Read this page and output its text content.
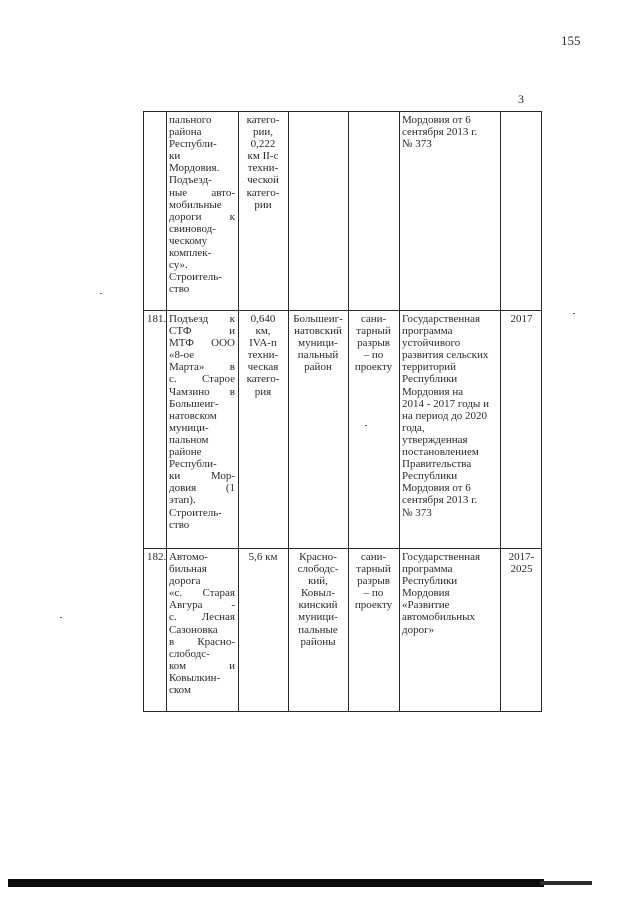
155
3
пального
района
Республи-
ки
Мордовия.
Подъезд-
ные авто-
мобильные
дороги к
свиновод-
ческому
комплек-
су».
Строитель-
ство
катего-
рии,
0,222
км II-с
техни-
ческой
катего-
рии
Мордовия от 6
сентября 2013 г.
№ 373
181. Подъезд к
СТФ и
МТФ ООО
«8-ое
Марта» в
с. Старое
Чамзино в
Большеиг-
натовском
муници-
пальном
районе
Республи-
ки Мор-
довия (1
этап).
Строитель-
ство
0,640
км,
IVA-п
техни-
ческая
катего-
рия
Большеиг-
натовский
муници-
пальный
район
сани-
тарный
разрыв
– по
проекту
Государственная
программа
устойчивого
развития сельских
территорий
Республики
Мордовия на
2014 - 2017 годы и
на период до 2020
года,
утвержденная
постановлением
Правительства
Республики
Мордовия от 6
сентября 2013 г.
№ 373
2017
182. Автомо-
бильная
дорога
«с. Старая
Авгура -
с. Лесная
Сазоновка
в Красно-
слободс-
ком и
Ковылкин-
ском
5,6 км	Красно-
слободс-
кий,
Ковыл-
кинский
муници-
пальные
районы
сани-
тарный
разрыв
– по
проекту
Государственная
программа
Республики
Мордовия
«Развитие
автомобильных
дорог»
2017-
2025
